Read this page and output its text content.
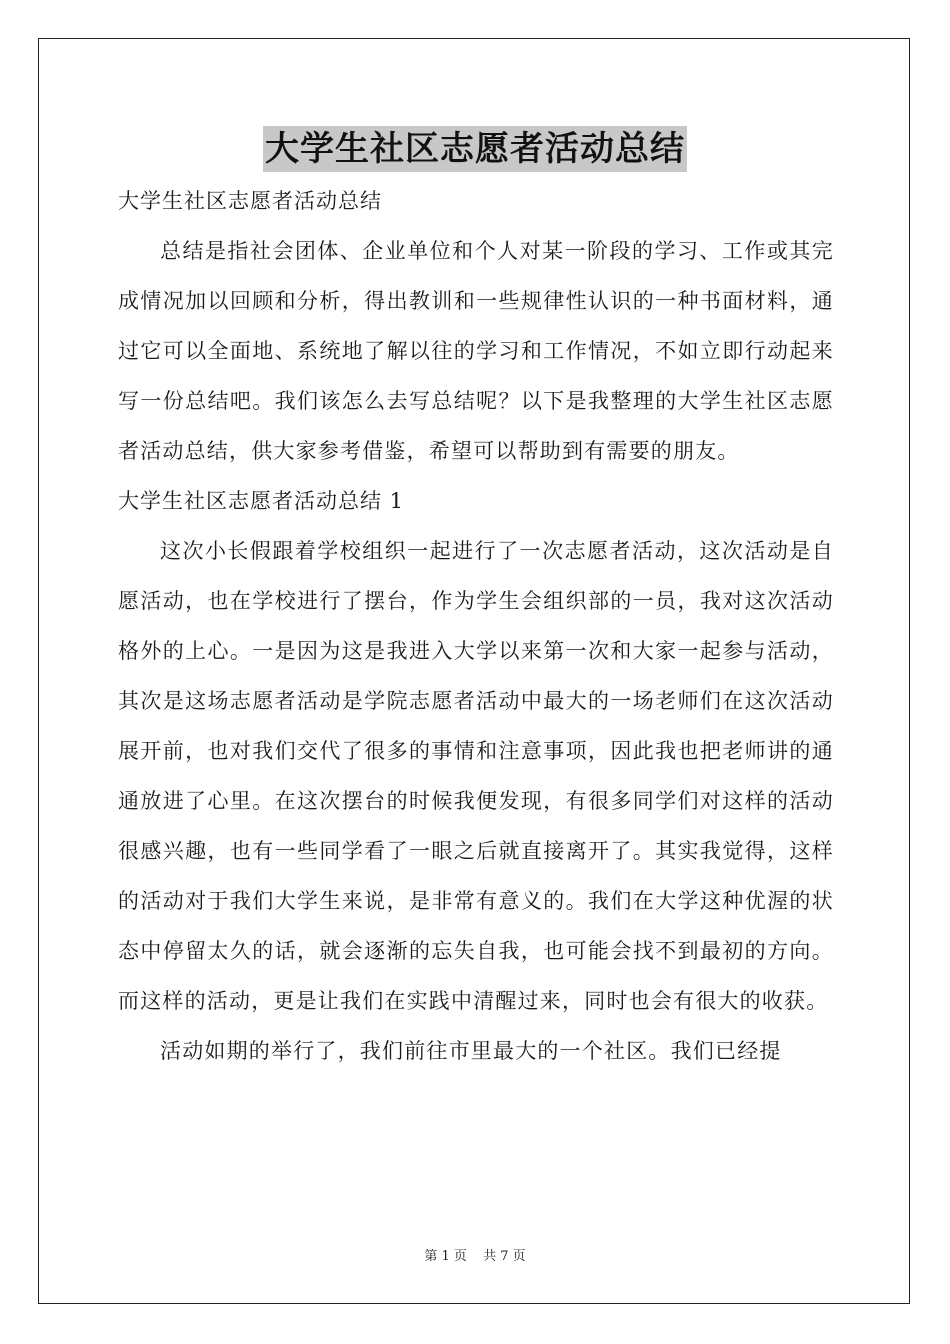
大学生社区志愿者活动总结

大学生社区志愿者活动总结

总结是指社会团体、企业单位和个人对某一阶段的学习、工作或其完成情况加以回顾和分析，得出教训和一些规律性认识的一种书面材料，通过它可以全面地、系统地了解以往的学习和工作情况，不如立即行动起来写一份总结吧。我们该怎么去写总结呢？以下是我整理的大学生社区志愿者活动总结，供大家参考借鉴，希望可以帮助到有需要的朋友。

大学生社区志愿者活动总结 1

这次小长假跟着学校组织一起进行了一次志愿者活动，这次活动是自愿活动，也在学校进行了摆台，作为学生会组织部的一员，我对这次活动格外的上心。一是因为这是我进入大学以来第一次和大家一起参与活动，其次是这场志愿者活动是学院志愿者活动中最大的一场老师们在这次活动展开前，也对我们交代了很多的事情和注意事项，因此我也把老师讲的通通放进了心里。在这次摆台的时候我便发现，有很多同学们对这样的活动很感兴趣，也有一些同学看了一眼之后就直接离开了。其实我觉得，这样的活动对于我们大学生来说，是非常有意义的。我们在大学这种优渥的状态中停留太久的话，就会逐渐的忘失自我，也可能会找不到最初的方向。而这样的活动，更是让我们在实践中清醒过来，同时也会有很大的收获。

活动如期的举行了，我们前往市里最大的一个社区。我们已经提

第 1 页 共 7 页
